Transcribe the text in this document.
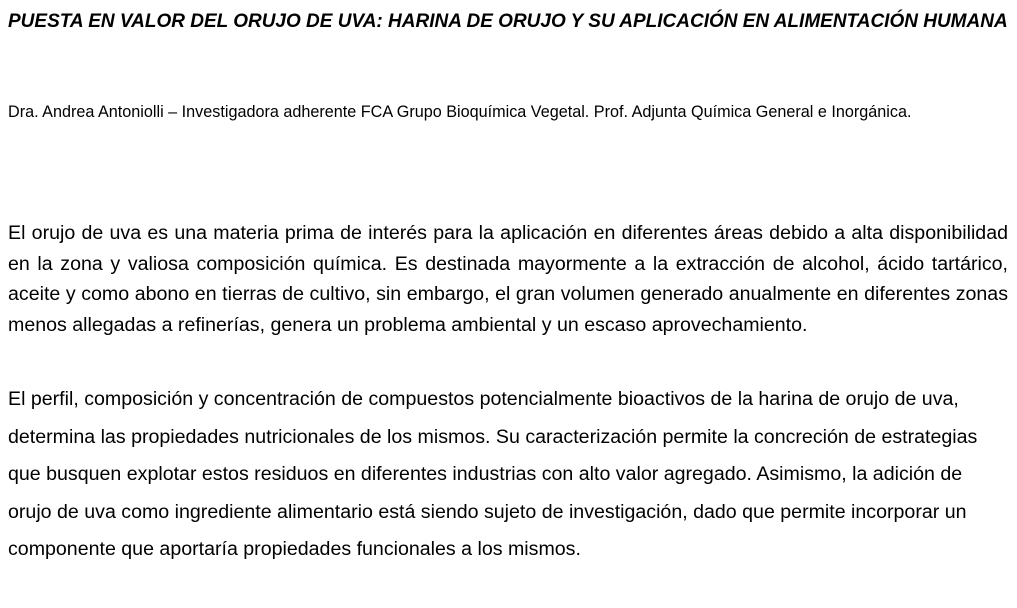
PUESTA EN VALOR DEL ORUJO DE UVA: HARINA DE ORUJO Y SU APLICACIÓN EN ALIMENTACIÓN HUMANA

Dra. Andrea Antoniolli – Investigadora adherente FCA Grupo Bioquímica Vegetal. Prof. Adjunta Química General e Inorgánica.

El orujo de uva es una materia prima de interés para la aplicación en diferentes áreas debido a alta disponibilidad en la zona y valiosa composición química. Es destinada mayormente a la extracción de alcohol, ácido tartárico, aceite y como abono en tierras de cultivo, sin embargo, el gran volumen generado anualmente en diferentes zonas menos allegadas a refinerías, genera un problema ambiental y un escaso aprovechamiento.

El perfil, composición y concentración de compuestos potencialmente bioactivos de la harina de orujo de uva, determina las propiedades nutricionales de los mismos. Su caracterización permite la concreción de estrategias que busquen explotar estos residuos en diferentes industrias con alto valor agregado. Asimismo, la adición de orujo de uva como ingrediente alimentario está siendo sujeto de investigación, dado que permite incorporar un componente que aportaría propiedades funcionales a los mismos.
